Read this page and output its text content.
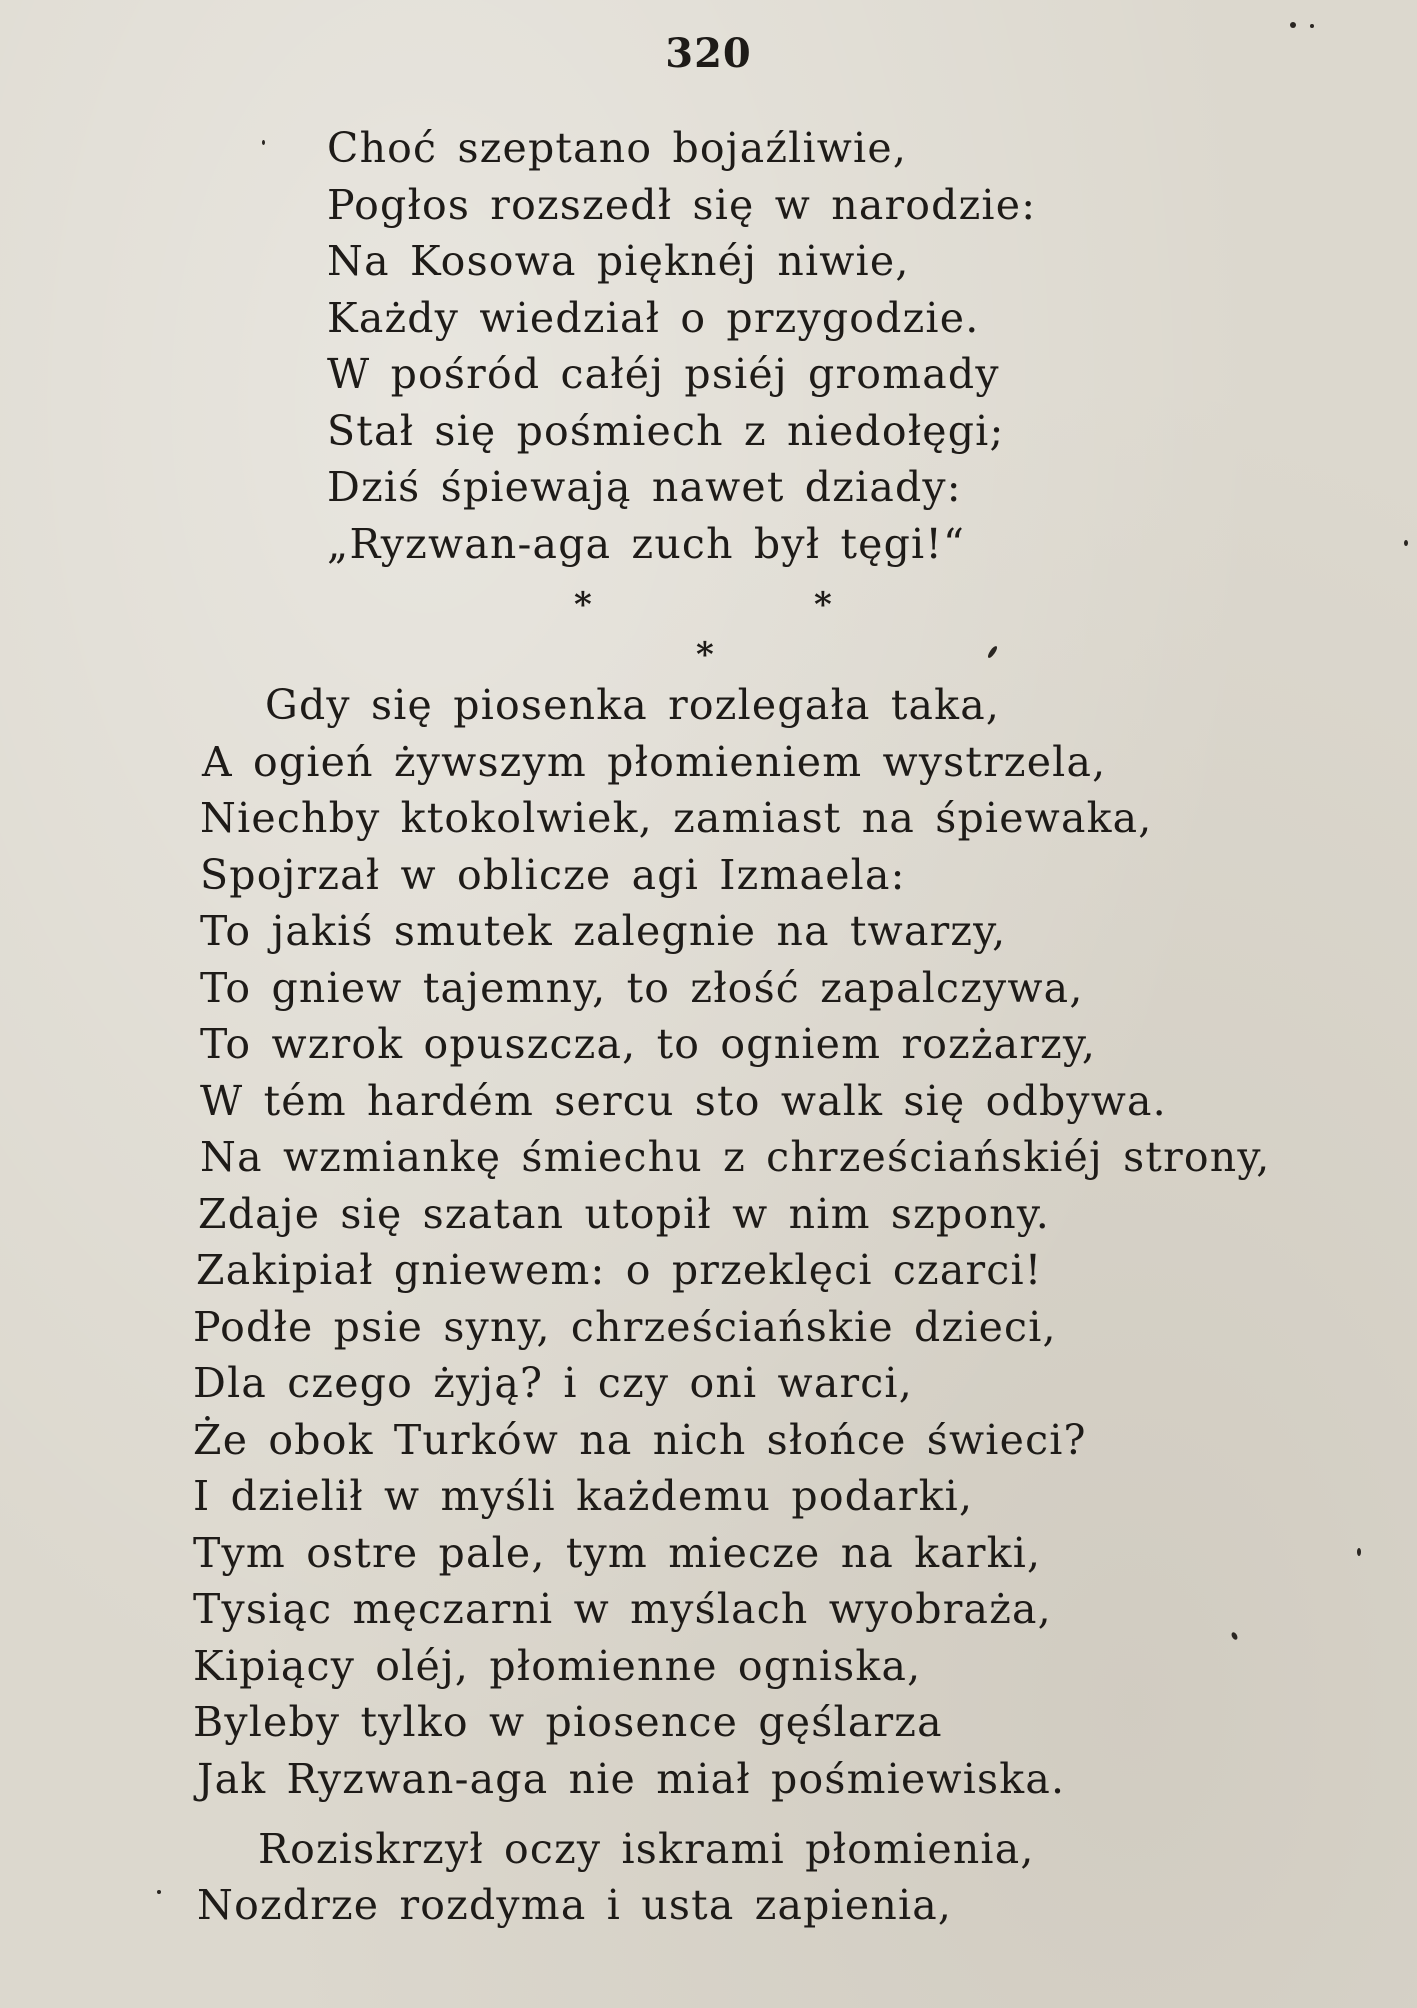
320
Choć szeptano bojaźliwie,
Pogłos rozszedł się w narodzie:
Na Kosowa pięknéj niwie,
Każdy wiedział o przygodzie.
W pośród całéj psiéj gromady
Stał się pośmiech z niedołęgi;
Dziś śpiewają nawet dziady:
„Ryzwan-aga zuch był tęgi!“
*	*
*
Gdy się piosenka rozlegała taka,
A ogień żywszym płomieniem wystrzela,
Niechby ktokolwiek, zamiast na śpiewaka,
Spojrzał w oblicze agi Izmaela:
To jakiś smutek zalegnie na twarzy,
To gniew tajemny, to złość zapalczywa,
To wzrok opuszcza, to ogniem rozżarzy,
W tém hardém sercu sto walk się odbywa.
Na wzmiankę śmiechu z chrześciańskiéj strony,
Zdaje się szatan utopił w nim szpony.
Zakipiał gniewem: o przeklęci czarci!
Podłe psie syny, chrześciańskie dzieci,
Dla czego żyją? i czy oni warci,
Że obok Turków na nich słońce świeci?
I dzielił w myśli każdemu podarki,
Tym ostre pale, tym miecze na karki,
Tysiąc męczarni w myślach wyobraża,
Kipiący oléj, płomienne ogniska,
Byleby tylko w piosence gęślarza
Jak Ryzwan-aga nie miał pośmiewiska.
Roziskrzył oczy iskrami płomienia,
Nozdrze rozdyma i usta zapienia,
